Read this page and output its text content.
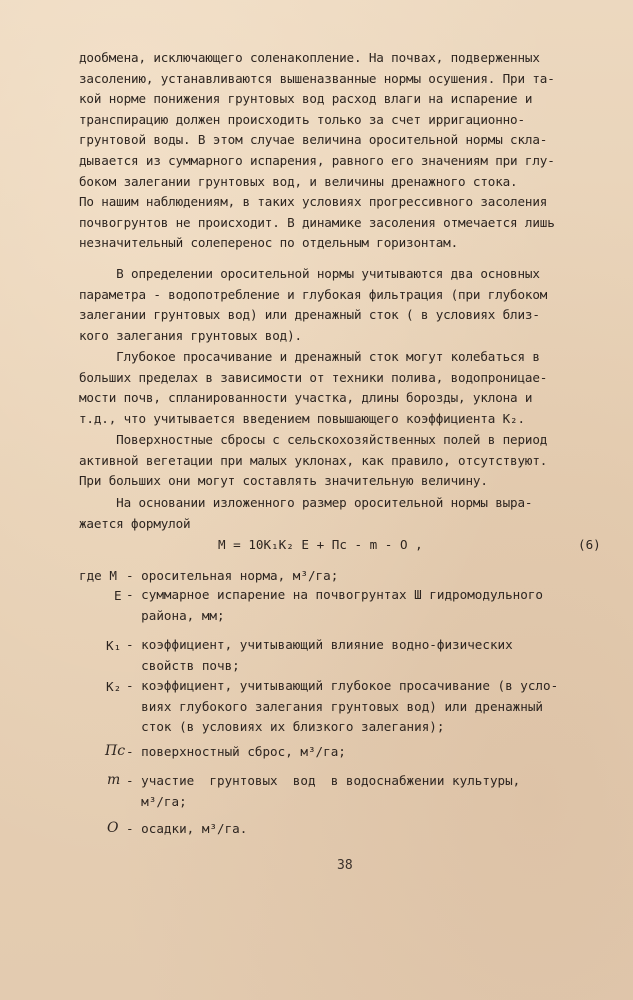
дообмена, исключающего соленакопление. На почвах, подверженных
засолению, устанавливаются вышеназванные нормы осушения. При та-
кой норме понижения грунтовых вод расход влаги на испарение и
транспирацию должен происходить только за счет ирригационно-
грунтовой воды. В этом случае величина оросительной нормы скла-
дывается из суммарного испарения, равного его значениям при глу-
боком залегании грунтовых вод, и величины дренажного стока.
По нашим наблюдениям, в таких условиях прогрессивного засоления
почвогрунтов не происходит. В динамике засоления отмечается лишь
незначительный солеперенос по отдельным горизонтам.
В определении оросительной нормы учитываются два основных
параметра - водопотребление и глубокая фильтрация (при глубоком
залегании грунтовых вод) или дренажный сток ( в условиях близ-
кого залегания грунтовых вод).
Глубокое просачивание и дренажный сток могут колебаться в
больших пределах в зависимости от техники полива, водопроницае-
мости почв, спланированности участка, длины борозды, уклона и
т.д., что учитывается введением повышающего коэффициента K₂.
Поверхностные сбросы с сельскохозяйственных полей в период
активной вегетации при малых уклонах, как правило, отсутствуют.
При больших они могут составлять значительную величину.
На основании изложенного размер оросительной нормы выра-
жается формулой
M = 10K₁K₂ E + Пс - m - O ,	(6)
где M - оросительная норма, м³/га;
E - суммарное испарение на почвогрунтах Ш гидромодульного
района, мм;
K₁ - коэффициент, учитывающий влияние водно-физических
свойств почв;
K₂ - коэффициент, учитывающий глубокое просачивание (в усло-
виях глубокого залегания грунтовых вод) или дренажный
сток (в условиях их близкого залегания);
Пс - поверхностный сброс, м³/га;
m - участие  грунтовых  вод  в водоснабжении культуры,
м³/га;
O - осадки, м³/га.
38
